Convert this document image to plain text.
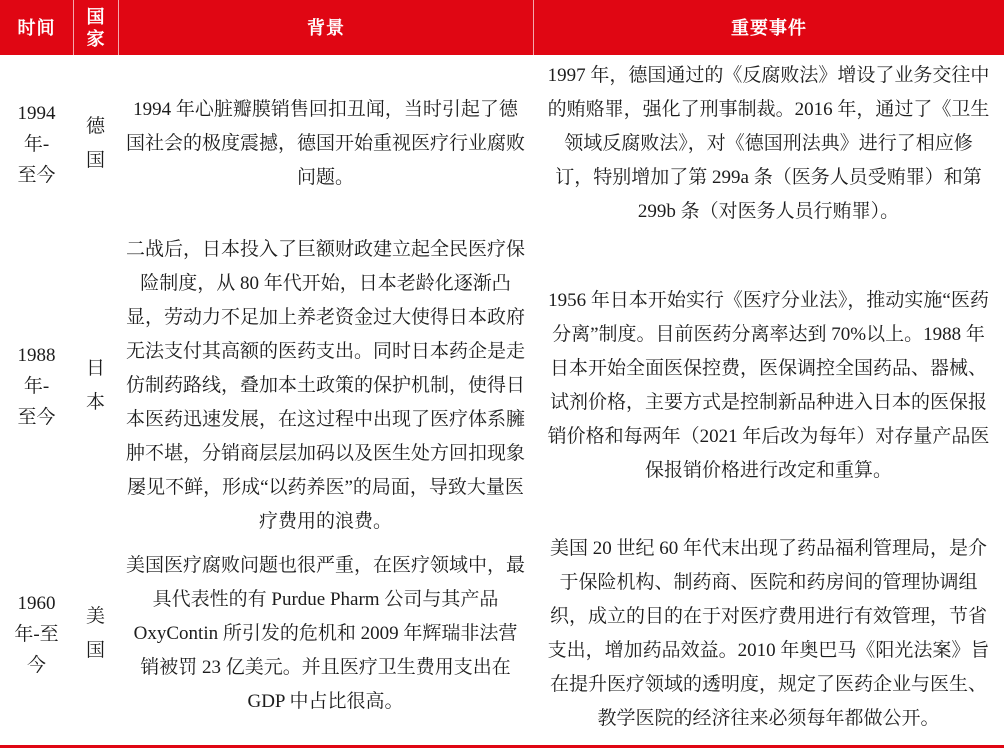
时间
国家
背景	重要事件
1994
年-
至今
德
国
1994 年心脏瓣膜销售回扣丑闻，当时引起了德国社会的极度震撼，德国开始重视医疗行业腐败问题。
1997 年，德国通过的《反腐败法》增设了业务交往中的贿赂罪，强化了刑事制裁。2016 年，通过了《卫生领域反腐败法》，对《德国刑法典》进行了相应修订，特别增加了第 299a 条（医务人员受贿罪）和第 299b 条（对医务人员行贿罪）。
1988
年-
至今
日
本
二战后，日本投入了巨额财政建立起全民医疗保险制度，从 80 年代开始，日本老龄化逐渐凸显，劳动力不足加上养老资金过大使得日本政府无法支付其高额的医药支出。同时日本药企是走仿制药路线，叠加本土政策的保护机制，使得日本医药迅速发展，在这过程中出现了医疗体系臃肿不堪，分销商层层加码以及医生处方回扣现象屡见不鲜，形成“以药养医”的局面，导致大量医疗费用的浪费。
1956 年日本开始实行《医疗分业法》，推动实施“医药分离”制度。目前医药分离率达到 70%以上。1988 年日本开始全面医保控费，医保调控全国药品、器械、试剂价格，主要方式是控制新品种进入日本的医保报销价格和每两年（2021 年后改为每年）对存量产品医保报销价格进行改定和重算。
1960
年-至
今
美
国
美国医疗腐败问题也很严重，在医疗领域中，最具代表性的有 Purdue Pharm 公司与其产品 OxyContin 所引发的危机和 2009 年辉瑞非法营销被罚 23 亿美元。并且医疗卫生费用支出在 GDP 中占比很高。
美国 20 世纪 60 年代末出现了药品福利管理局，是介于保险机构、制药商、医院和药房间的管理协调组织，成立的目的在于对医疗费用进行有效管理，节省支出，增加药品效益。2010 年奥巴马《阳光法案》旨在提升医疗领域的透明度，规定了医药企业与医生、教学医院的经济往来必须每年都做公开。
